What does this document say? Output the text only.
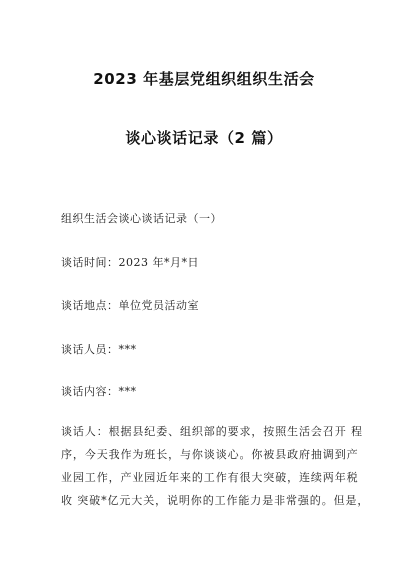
2023 年基层党组织组织生活会
谈心谈话记录（2 篇）
组织生活会谈心谈话记录（一）
谈话时间：2023 年*月*日
谈话地点：单位党员活动室
谈话人员：***
谈话内容：***
谈话人：根据县纪委、组织部的要求，按照生活会召开 程
序，今天我作为班长，与你谈谈心。你被县政府抽调到产
业园工作，产业园近年来的工作有很大突破，连续两年税
收 突破*亿元大关，说明你的工作能力是非常强的。但是，
